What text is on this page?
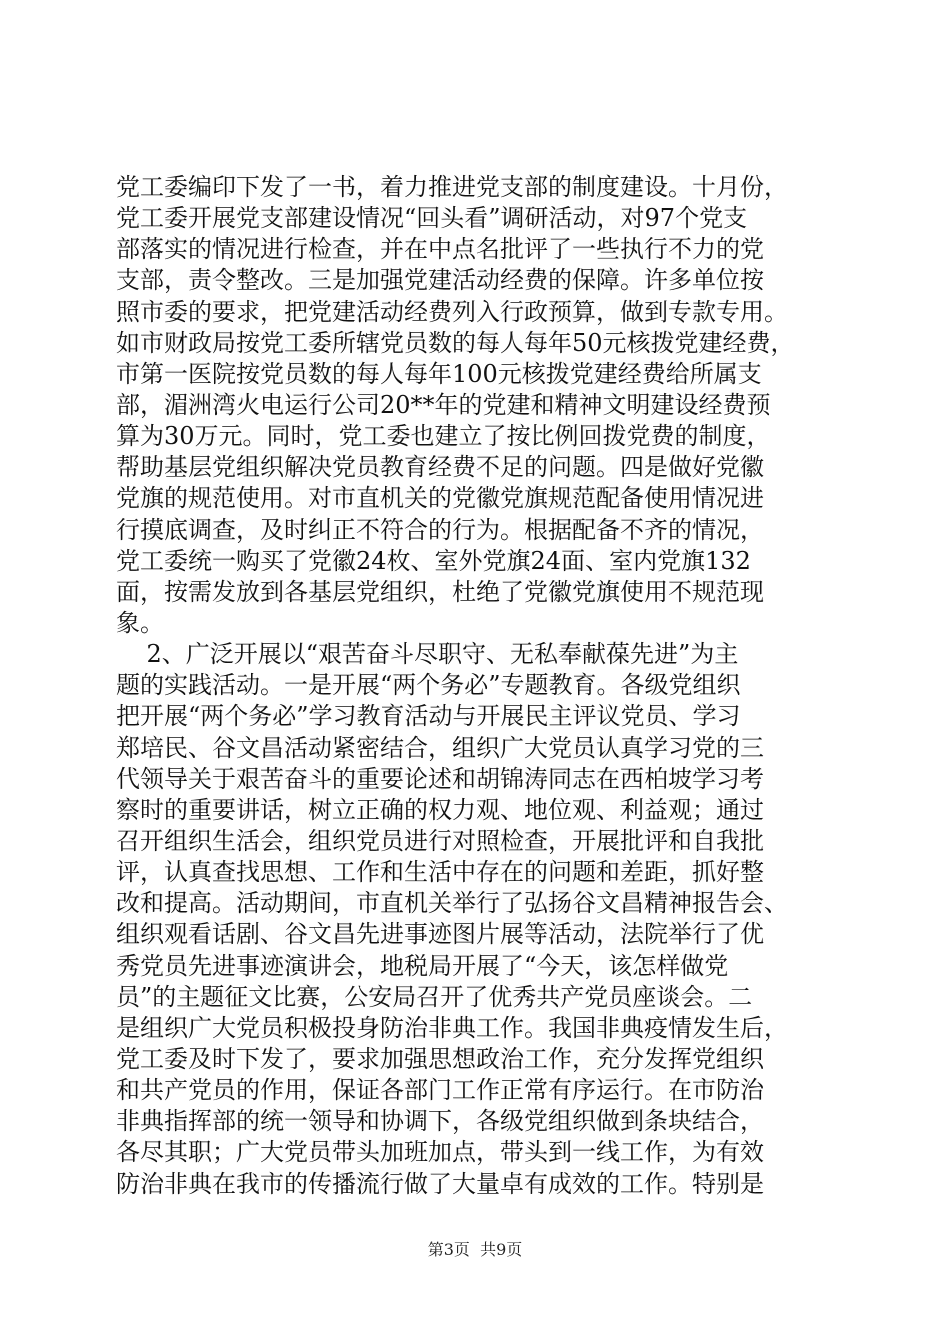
党工委编印下发了一书，着力推进党支部的制度建设。十月份，
党工委开展党支部建设情况“回头看”调研活动，对97个党支
部落实的情况进行检查，并在中点名批评了一些执行不力的党
支部，责令整改。三是加强党建活动经费的保障。许多单位按
照市委的要求，把党建活动经费列入行政预算，做到专款专用。
如市财政局按党工委所辖党员数的每人每年50元核拨党建经费，
市第一医院按党员数的每人每年100元核拨党建经费给所属支
部，湄洲湾火电运行公司20**年的党建和精神文明建设经费预
算为30万元。同时，党工委也建立了按比例回拨党费的制度，
帮助基层党组织解决党员教育经费不足的问题。四是做好党徽
党旗的规范使用。对市直机关的党徽党旗规范配备使用情况进
行摸底调查，及时纠正不符合的行为。根据配备不齐的情况，
党工委统一购买了党徽24枚、室外党旗24面、室内党旗132
面，按需发放到各基层党组织，杜绝了党徽党旗使用不规范现
象。
2、广泛开展以“艰苦奋斗尽职守、无私奉献葆先进”为主
题的实践活动。一是开展“两个务必”专题教育。各级党组织
把开展“两个务必”学习教育活动与开展民主评议党员、学习
郑培民、谷文昌活动紧密结合，组织广大党员认真学习党的三
代领导关于艰苦奋斗的重要论述和胡锦涛同志在西柏坡学习考
察时的重要讲话，树立正确的权力观、地位观、利益观；通过
召开组织生活会，组织党员进行对照检查，开展批评和自我批
评，认真查找思想、工作和生活中存在的问题和差距，抓好整
改和提高。活动期间，市直机关举行了弘扬谷文昌精神报告会、
组织观看话剧、谷文昌先进事迹图片展等活动，法院举行了优
秀党员先进事迹演讲会，地税局开展了“今天，该怎样做党
员”的主题征文比赛，公安局召开了优秀共产党员座谈会。二
是组织广大党员积极投身防治非典工作。我国非典疫情发生后，
党工委及时下发了，要求加强思想政治工作，充分发挥党组织
和共产党员的作用，保证各部门工作正常有序运行。在市防治
非典指挥部的统一领导和协调下，各级党组织做到条块结合，
各尽其职；广大党员带头加班加点，带头到一线工作，为有效
防治非典在我市的传播流行做了大量卓有成效的工作。特别是
第3页  共9页
